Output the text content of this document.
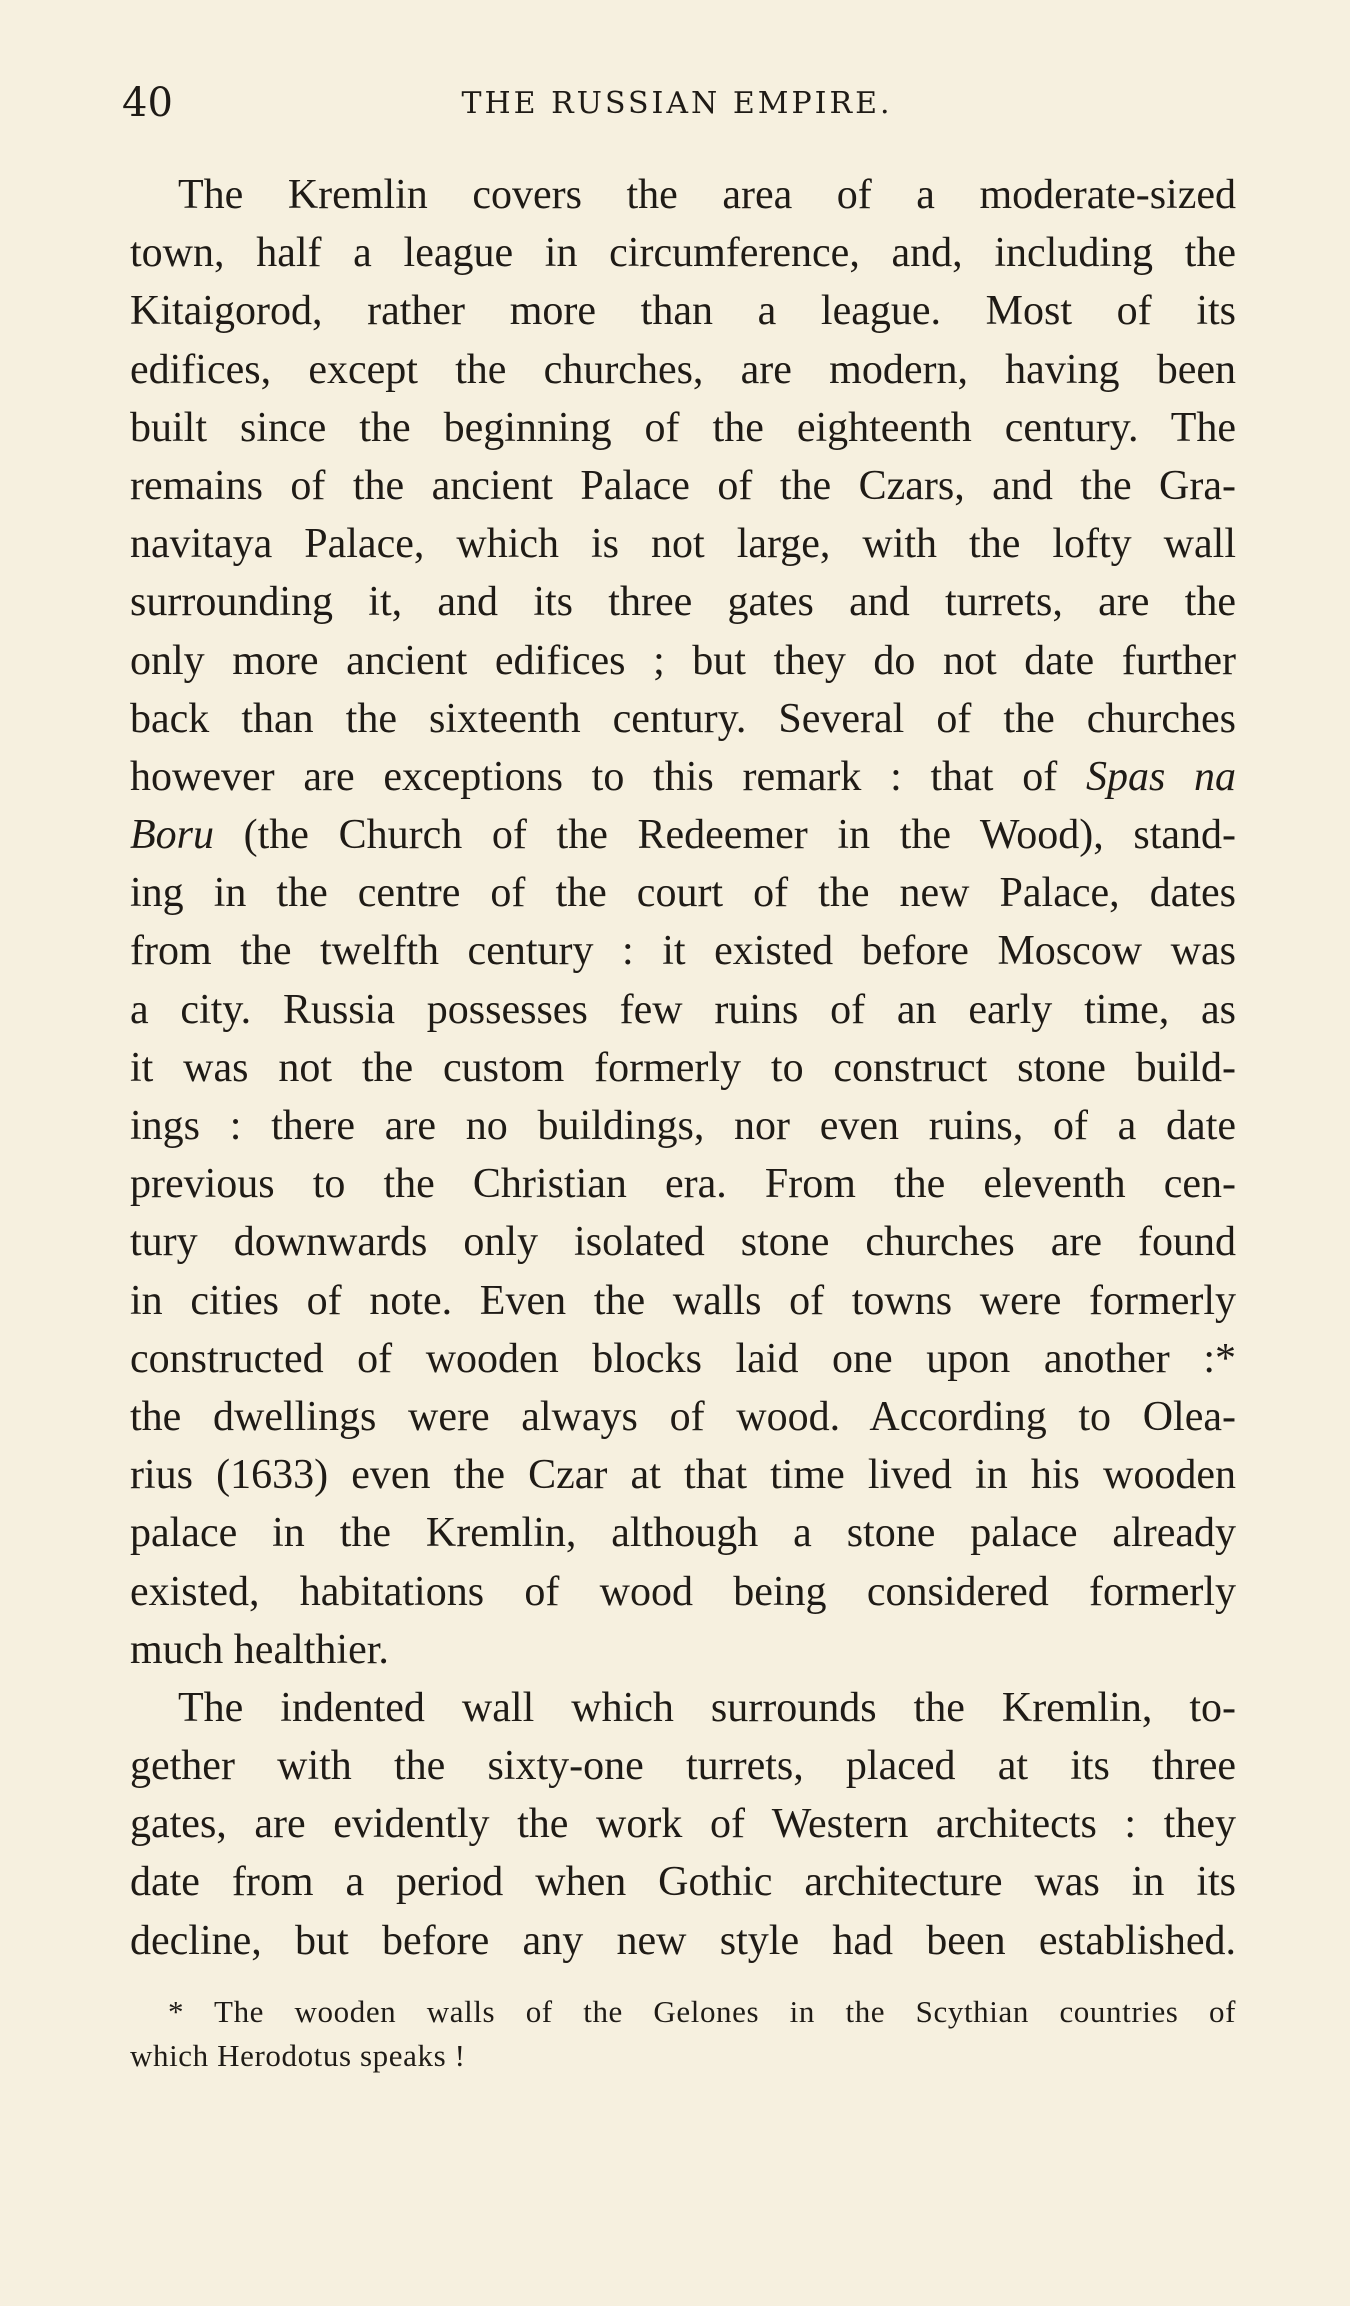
40	THE RUSSIAN EMPIRE.
The Kremlin covers the area of a moderate-sized
town, half a league in circumference, and, including the
Kitaigorod, rather more than a league. Most of its
edifices, except the churches, are modern, having been
built since the beginning of the eighteenth century. The
remains of the ancient Palace of the Czars, and the Gra-
navitaya Palace, which is not large, with the lofty wall
surrounding it, and its three gates and turrets, are the
only more ancient edifices ; but they do not date further
back than the sixteenth century. Several of the churches
however are exceptions to this remark : that of Spas na
Boru (the Church of the Redeemer in the Wood), stand-
ing in the centre of the court of the new Palace, dates
from the twelfth century : it existed before Moscow was
a city. Russia possesses few ruins of an early time, as
it was not the custom formerly to construct stone build-
ings : there are no buildings, nor even ruins, of a date
previous to the Christian era. From the eleventh cen-
tury downwards only isolated stone churches are found
in cities of note. Even the walls of towns were formerly
constructed of wooden blocks laid one upon another :*
the dwellings were always of wood. According to Olea-
rius (1633) even the Czar at that time lived in his wooden
palace in the Kremlin, although a stone palace already
existed, habitations of wood being considered formerly
much healthier.
The indented wall which surrounds the Kremlin, to-
gether with the sixty-one turrets, placed at its three
gates, are evidently the work of Western architects : they
date from a period when Gothic architecture was in its
decline, but before any new style had been established.
* The wooden walls of the Gelones in the Scythian countries of
which Herodotus speaks !
